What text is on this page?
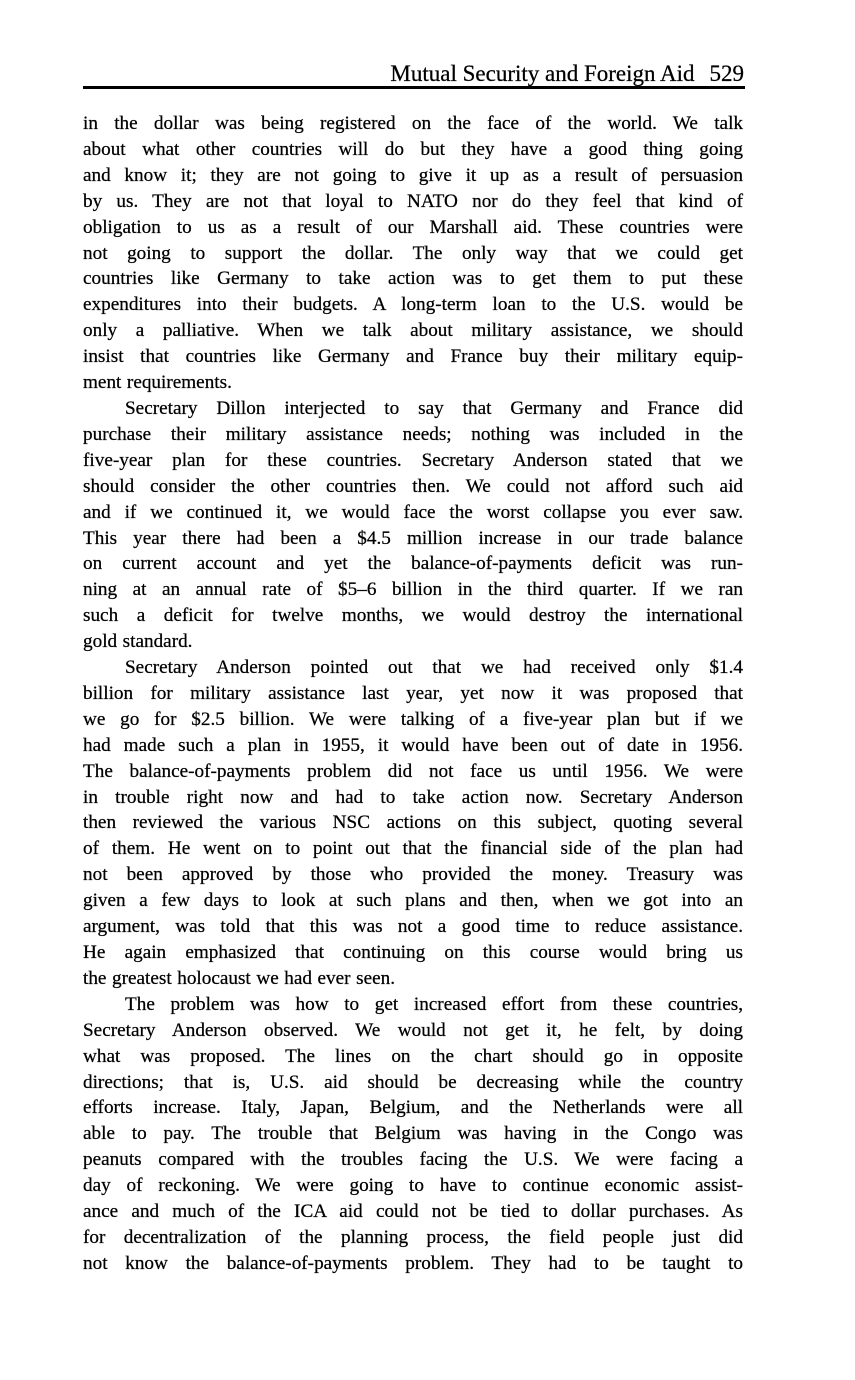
Mutual Security and Foreign Aid 529
in the dollar was being registered on the face of the world. We talk
about what other countries will do but they have a good thing going
and know it; they are not going to give it up as a result of persuasion
by us. They are not that loyal to NATO nor do they feel that kind of
obligation to us as a result of our Marshall aid. These countries were
not going to support the dollar. The only way that we could get
countries like Germany to take action was to get them to put these
expenditures into their budgets. A long-term loan to the U.S. would be
only a palliative. When we talk about military assistance, we should
insist that countries like Germany and France buy their military equip-
ment requirements.
Secretary Dillon interjected to say that Germany and France did
purchase their military assistance needs; nothing was included in the
five-year plan for these countries. Secretary Anderson stated that we
should consider the other countries then. We could not afford such aid
and if we continued it, we would face the worst collapse you ever saw.
This year there had been a $4.5 million increase in our trade balance
on current account and yet the balance-of-payments deficit was run-
ning at an annual rate of $5–6 billion in the third quarter. If we ran
such a deficit for twelve months, we would destroy the international
gold standard.
Secretary Anderson pointed out that we had received only $1.4
billion for military assistance last year, yet now it was proposed that
we go for $2.5 billion. We were talking of a five-year plan but if we
had made such a plan in 1955, it would have been out of date in 1956.
The balance-of-payments problem did not face us until 1956. We were
in trouble right now and had to take action now. Secretary Anderson
then reviewed the various NSC actions on this subject, quoting several
of them. He went on to point out that the financial side of the plan had
not been approved by those who provided the money. Treasury was
given a few days to look at such plans and then, when we got into an
argument, was told that this was not a good time to reduce assistance.
He again emphasized that continuing on this course would bring us
the greatest holocaust we had ever seen.
The problem was how to get increased effort from these countries,
Secretary Anderson observed. We would not get it, he felt, by doing
what was proposed. The lines on the chart should go in opposite
directions; that is, U.S. aid should be decreasing while the country
efforts increase. Italy, Japan, Belgium, and the Netherlands were all
able to pay. The trouble that Belgium was having in the Congo was
peanuts compared with the troubles facing the U.S. We were facing a
day of reckoning. We were going to have to continue economic assist-
ance and much of the ICA aid could not be tied to dollar purchases. As
for decentralization of the planning process, the field people just did
not know the balance-of-payments problem. They had to be taught to
